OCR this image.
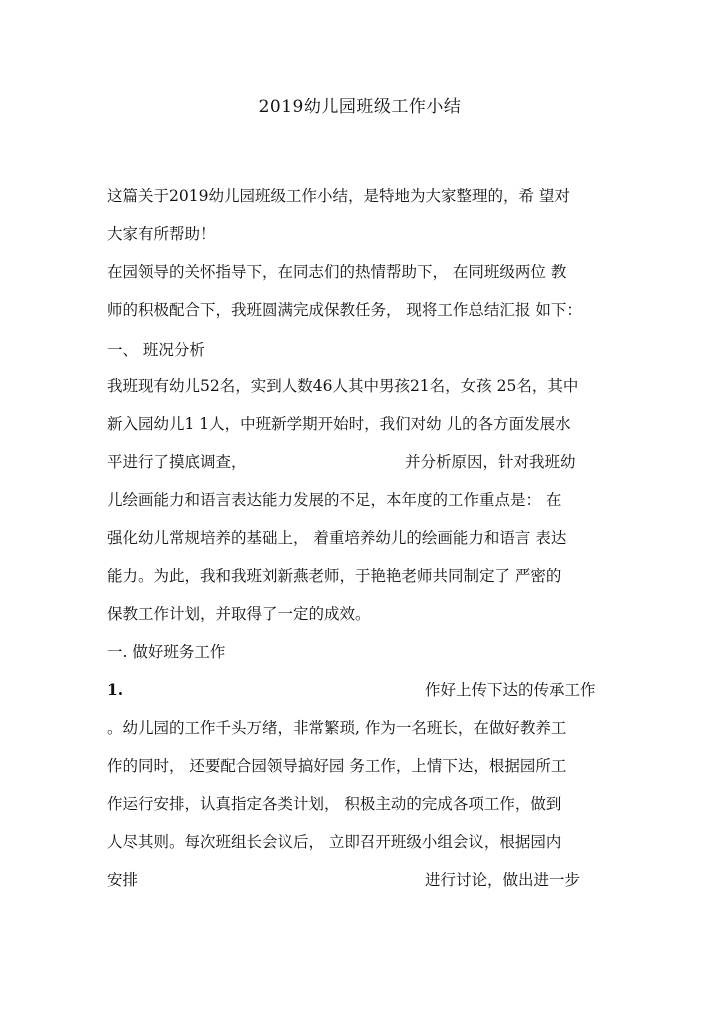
2019幼儿园班级工作小结
这篇关于2019幼儿园班级工作小结，是特地为大家整理的，希 望对
大家有所帮助！
在园领导的关怀指导下，在同志们的热情帮助下， 在同班级两位 教
师的积极配合下，我班圆满完成保教任务， 现将工作总结汇报 如下：
一、 班况分析
我班现有幼儿52名，实到人数46人其中男孩21名，女孩 25名，其中
新入园幼儿1 1人，中班新学期开始时，我们对幼 儿的各方面发展水
平进行了摸底调查，	并分析原因，针对我班幼
儿绘画能力和语言表达能力发展的不足，本年度的工作重点是： 在
强化幼儿常规培养的基础上， 着重培养幼儿的绘画能力和语言 表达
能力。为此，我和我班刘新燕老师，于艳艳老师共同制定了 严密的
保教工作计划，并取得了一定的成效。
一. 做好班务工作
1.	作好上传下达的传承工作
。幼儿园的工作千头万绪，非常繁琐, 作为一名班长，在做好教养工
作的同时， 还要配合园领导搞好园 务工作，上情下达，根据园所工
作运行安排，认真指定各类计划， 积极主动的完成各项工作，做到
人尽其则。每次班组长会议后， 立即召开班级小组会议，根据园内
安排	进行讨论，做出进一步
